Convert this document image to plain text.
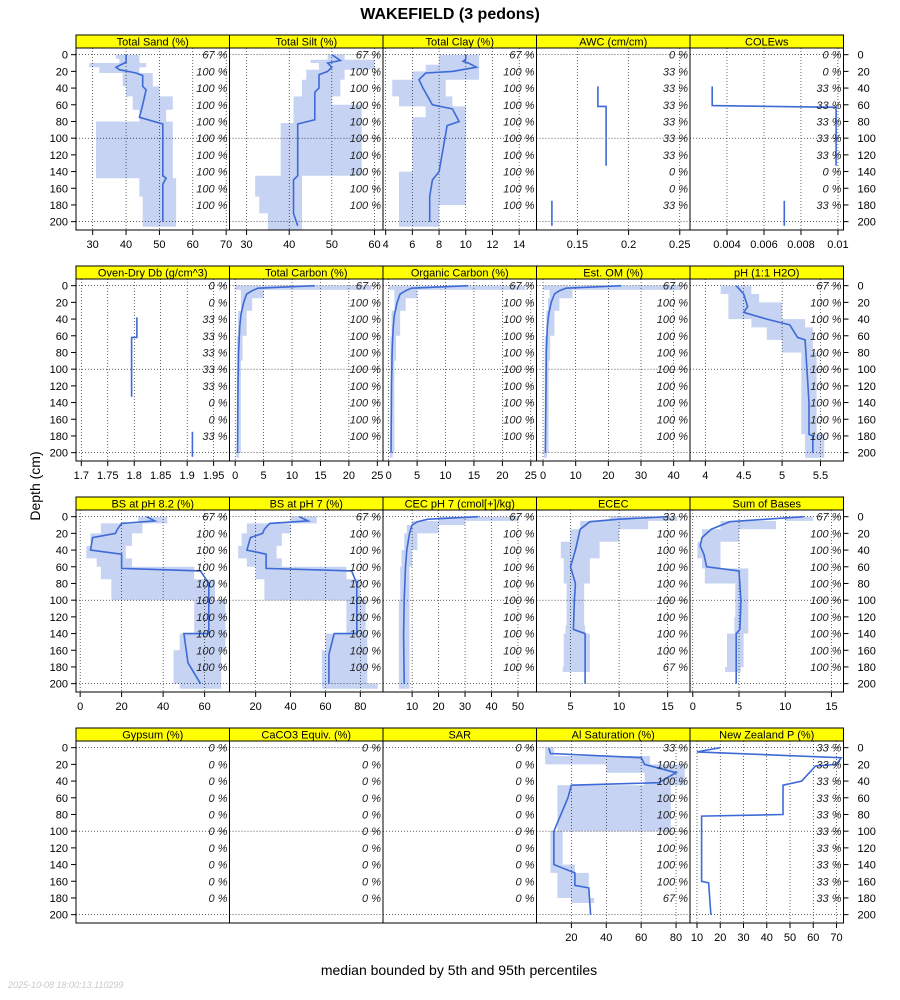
WAKEFIELD (3 pedons)
Depth (cm)
median bounded by 5th and 95th percentiles
2025-10-08 18:00:13.110299
Total Sand (%)
67 %
100 %
100 %
100 %
100 %
100 %
100 %
100 %
100 %
100 %
30 40 50 60 70
Total Silt (%)
67 %
100 %
100 %
100 %
100 %
100 %
100 %
100 %
100 %
100 %
30	40	50	60
Total Clay (%)
67 %
100 %
100 %
100 %
100 %
100 %
100 %
100 %
100 %
100 %
4 6 8 10 12 14
AWC (cm/cm)
0 %
33 %
33 %
33 %
33 %
33 %
33 %
0 %
0 %
33 %
0.15	0.2	0.25
COLEws
0 %
0 %
33 %
33 %
33 %
33 %
33 %
0 %
0 %
33 %
0.004 0.006 0.008 0.01
Oven-Dry Db (g/cm^3)
0 %
0 %
33 %
33 %
33 %
33 %
33 %
0 %
0 %
33 %
1.7 1.75 1.8 1.85 1.9 1.95
Total Carbon (%)
67 %
100 %
100 %
100 %
100 %
100 %
100 %
100 %
100 %
100 %
0 5 10 15 20 25
Organic Carbon (%)
67 %
100 %
100 %
100 %
100 %
100 %
100 %
100 %
100 %
100 %
0 5 10 15 20 25
Est. OM (%)
67 %
100 %
100 %
100 %
100 %
100 %
100 %
100 %
100 %
100 %
0 10 20 30 40
pH (1:1 H2O)
67 %
100 %
100 %
100 %
100 %
100 %
100 %
100 %
100 %
100 %
4	4.5	5	5.5
BS at pH 8.2 (%)
67 %
100 %
100 %
100 %
100 %
100 %
100 %
100 %
100 %
100 %
0	20	40	60
BS at pH 7 (%)
67 %
100 %
100 %
100 %
100 %
100 %
100 %
100 %
100 %
100 %
20 40 60 80
CEC pH 7 (cmol[+]/kg)
67 %
100 %
100 %
100 %
100 %
100 %
100 %
100 %
100 %
100 %
10 20 30 40 50
ECEC
33 %
100 %
100 %
100 %
100 %
100 %
100 %
100 %
100 %
67 %
5	10	15
Sum of Bases
67 %
100 %
100 %
100 %
100 %
100 %
100 %
100 %
100 %
100 %
0	5	10	15
Gypsum (%)
0 %
0 %
0 %
0 %
0 %
0 %
0 %
0 %
0 %
0 %
CaCO3 Equiv. (%)
0 %
0 %
0 %
0 %
0 %
0 %
0 %
0 %
0 %
0 %
SAR
0 %
0 %
0 %
0 %
0 %
0 %
0 %
0 %
0 %
0 %
Al Saturation (%)
33 %
100 %
100 %
100 %
100 %
100 %
100 %
100 %
100 %
67 %
20 40 60 80
New Zealand P (%)
33 %
33 %
33 %
33 %
33 %
33 %
33 %
33 %
33 %
33 %
10 20 30 40 50 60 70
0	0
20	20
40	40
60	60
80	80
100	100
120	120
140	140
160	160
180	180
200	200
0	0
20	20
40	40
60	60
80	80
100	100
120	120
140	140
160	160
180	180
200	200
0	0
20	20
40	40
60	60
80	80
100	100
120	120
140	140
160	160
180	180
200	200
0	0
20	20
40	40
60	60
80	80
100	100
120	120
140	140
160	160
180	180
200	200
